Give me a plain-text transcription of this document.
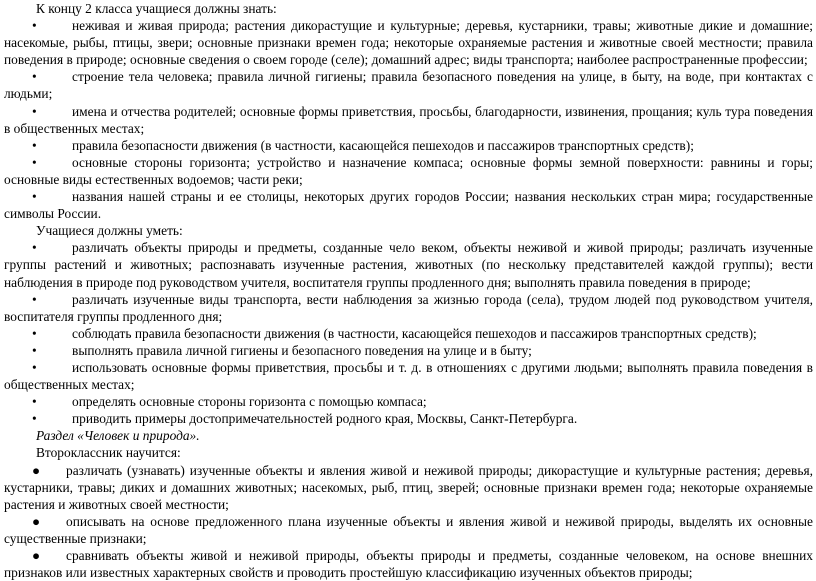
К концу 2 класса учащиеся должны знать:

•	неживая и живая природа; растения дикорастущие и культурные; деревья, кустарники, травы; животные дикие и домашние; насекомые, рыбы, птицы, звери; основные признаки времен года; некоторые охраняемые растения и животные своей местности; правила поведения в природе; основные сведения о своем городе (селе); домашний адрес; виды транспорта; наиболее распространенные профессии;

•	строение тела человека; правила личной гигиены; правила безопасного поведения на улице, в быту, на воде, при контактах с людьми;

•	имена и отчества родителей; основные формы приветствия, просьбы, благодарности, извинения, прощания; куль тура поведения в общественных местах;

•	правила безопасности движения (в частности, касающейся пешеходов и пассажиров транспортных средств);

•	основные стороны горизонта; устройство и назначение компаса; основные формы земной поверхности: равнины и горы; основные виды естественных водоемов; части реки;

•	названия нашей страны и ее столицы, некоторых других городов России; названия нескольких стран мира; государственные символы России.

Учащиеся должны уметь:

•	различать объекты природы и предметы, созданные чело веком, объекты неживой и живой природы; различать изученные группы растений и животных; распознавать изученные растения, животных (по нескольку представителей каждой группы); вести наблюдения в природе под руководством учителя, воспитателя группы продленного дня; выполнять правила поведения в природе;

•	различать изученные виды транспорта, вести наблюдения за жизнью города (села), трудом людей под руководством учителя, воспитателя группы продленного дня;

•	соблюдать правила безопасности движения (в частности, касающейся пешеходов и пассажиров транспортных средств);

•	выполнять правила личной гигиены и безопасного поведения на улице и в быту;

•	использовать основные формы приветствия, просьбы и т. д. в отношениях с другими людьми; выполнять правила поведения в общественных местах;

•	определять основные стороны горизонта с помощью компаса;

•	приводить примеры достопримечательностей родного края, Москвы, Санкт-Петербурга.

Раздел «Человек и природа».

Второклассник научится:

● различать (узнавать) изученные объекты и явления живой и неживой природы; дикорастущие и культурные растения; деревья, кустарники, травы; диких и домашних животных; насекомых, рыб, птиц, зверей; основные признаки времен года; некоторые охраняемые растения и животных своей местности;

● описывать на основе предложенного плана изученные объекты и явления живой и неживой природы, выделять их основные существенные признаки;

● сравнивать объекты живой и неживой природы, объекты природы и предметы, созданные человеком, на основе внешних признаков или известных характерных свойств и проводить простейшую классификацию изученных объектов природы;
